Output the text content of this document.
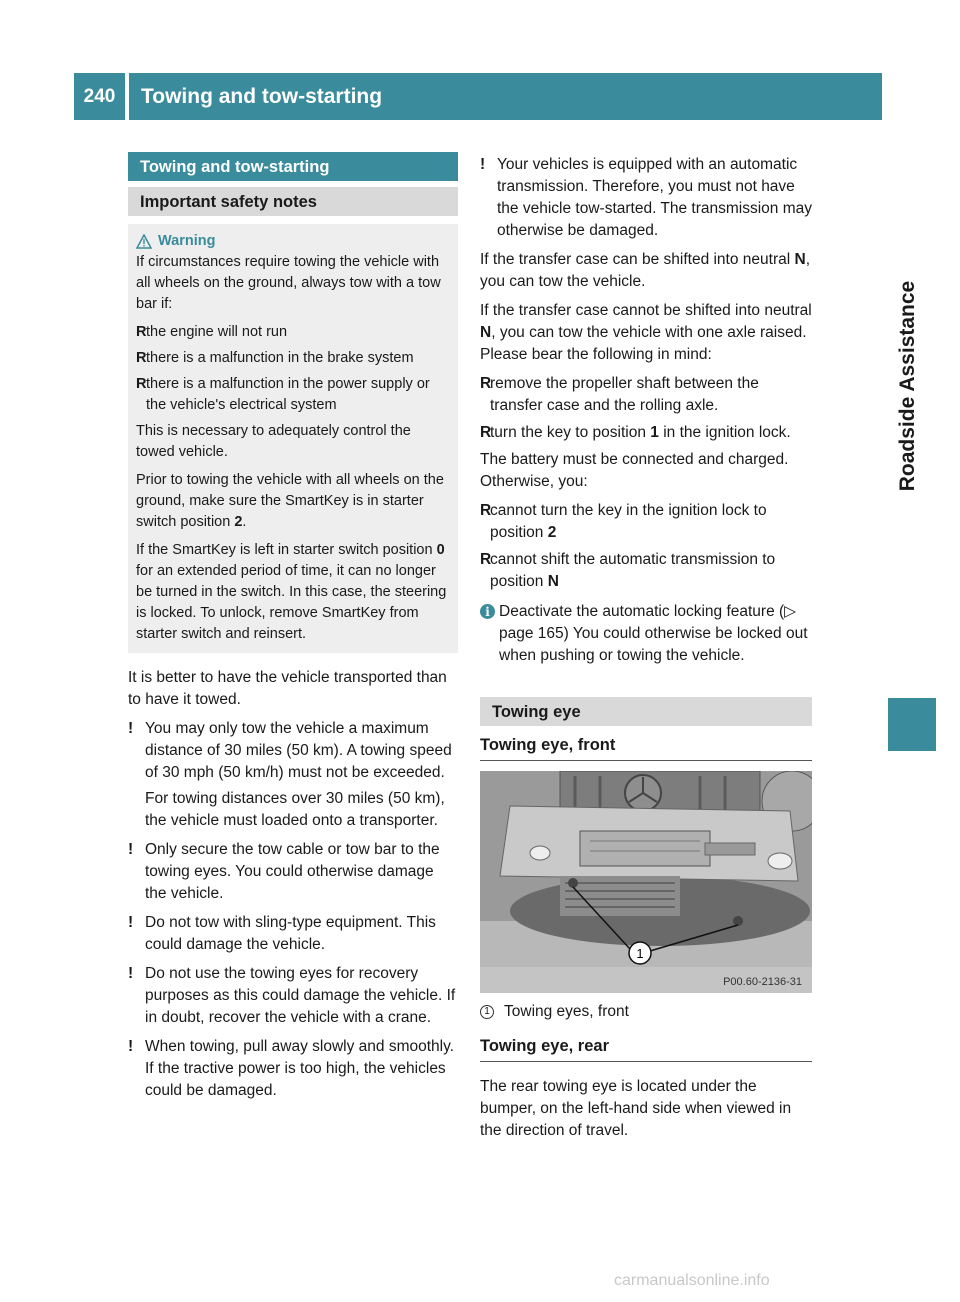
240	Towing and tow-starting
Roadside Assistance
Towing and tow-starting
Important safety notes
Warning

If circumstances require towing the vehicle with all wheels on the ground, always tow with a tow bar if:

R the engine will not run
R there is a malfunction in the brake system
R there is a malfunction in the power supply or the vehicle's electrical system

This is necessary to adequately control the towed vehicle.

Prior to towing the vehicle with all wheels on the ground, make sure the SmartKey is in starter switch position 2.

If the SmartKey is left in starter switch position 0 for an extended period of time, it can no longer be turned in the switch. In this case, the steering is locked. To unlock, remove SmartKey from starter switch and reinsert.

It is better to have the vehicle transported than to have it towed.

! You may only tow the vehicle a maximum distance of 30 miles (50 km). A towing speed of 30 mph (50 km/h) must not be exceeded.
For towing distances over 30 miles (50 km), the vehicle must loaded onto a transporter.
! Only secure the tow cable or tow bar to the towing eyes. You could otherwise damage the vehicle.
! Do not tow with sling-type equipment. This could damage the vehicle.
! Do not use the towing eyes for recovery purposes as this could damage the vehicle. If in doubt, recover the vehicle with a crane.
! When towing, pull away slowly and smoothly. If the tractive power is too high, the vehicles could be damaged.
! Your vehicles is equipped with an automatic transmission. Therefore, you must not have the vehicle tow-started. The transmission may otherwise be damaged.

If the transfer case can be shifted into neutral N, you can tow the vehicle.

If the transfer case cannot be shifted into neutral N, you can tow the vehicle with one axle raised. Please bear the following in mind:

R
remove the propeller shaft between the transfer case and the rolling axle.
R
turn the key to position 1 in the ignition lock.

The battery must be connected and charged. Otherwise, you:

R
cannot turn the key in the ignition lock to position 2
R
cannot shift the automatic transmission to position N
i Deactivate the automatic locking feature (▷ page 165) You could otherwise be locked out when pushing or towing the vehicle.
Towing eye
Towing eye, front
1
P00.60-2136-31
1 Towing eyes, front
Towing eye, rear

The rear towing eye is located under the bumper, on the left-hand side when viewed in the direction of travel.

carmanualsonline.info
